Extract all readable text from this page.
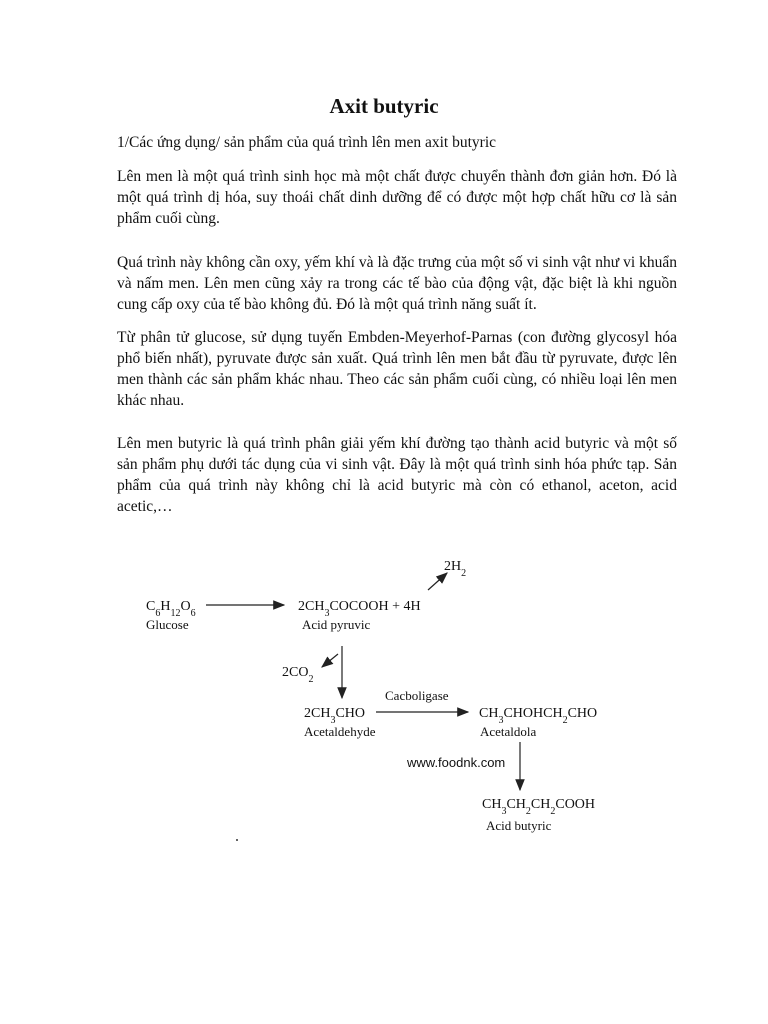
Axit butyric
1/Các ứng dụng/ sản phẩm của quá trình lên men axit butyric

Lên men là một quá trình sinh học mà một chất được chuyển thành đơn giản hơn. Đó là một quá trình dị hóa, suy thoái chất dinh dưỡng để có được một hợp chất hữu cơ là sản phẩm cuối cùng.

Quá trình này không cần oxy, yếm khí và là đặc trưng của một số vi sinh vật như vi khuẩn và nấm men. Lên men cũng xảy ra trong các tế bào của động vật, đặc biệt là khi nguồn cung cấp oxy của tế bào không đủ. Đó là một quá trình năng suất ít.

Từ phân tử glucose, sử dụng tuyến Embden-Meyerhof-Parnas (con đường glycosyl hóa phổ biến nhất), pyruvate được sản xuất. Quá trình lên men bắt đầu từ pyruvate, được lên men thành các sản phẩm khác nhau. Theo các sản phẩm cuối cùng, có nhiều loại lên men khác nhau.

Lên men butyric là quá trình phân giải yếm khí đường tạo thành acid butyric và một số sản phẩm phụ dưới tác dụng của vi sinh vật. Đây là một quá trình sinh hóa phức tạp. Sản phẩm của quá trình này không chỉ là acid butyric mà còn có ethanol, aceton, acid acetic,…

$C_6H_{12}O_6$
Glucose
$2CH_3COCOOH + 4H$
Acid pyruvic
$2H_2$
$2CO_2$
$2CH_3CHO$
Acetaldehyde
Cacboligase
$CH_3CHOHCH_2CHO$
Acetaldola
www.foodnk.com
$CH_3CH_2CH_2COOH$
Acid butyric
